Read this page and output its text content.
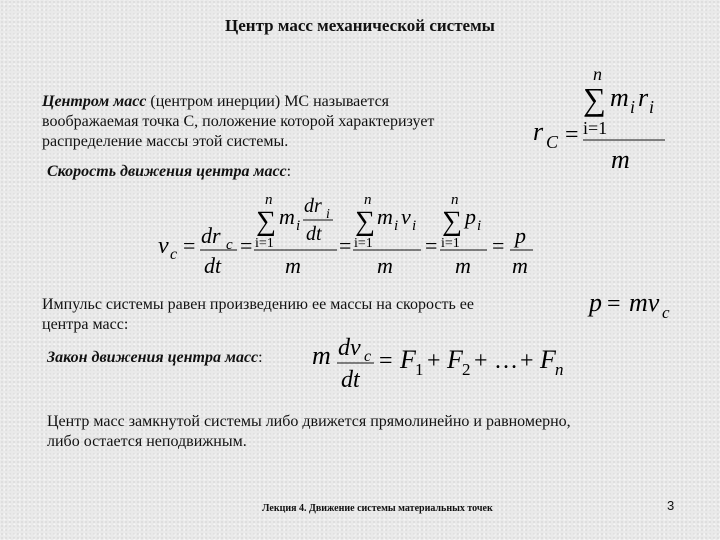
Центр масс механической системы
Центром масс (центром инерции) МС называется
воображаемая точка С, положение которой характеризует
распределение массы этой системы.	r C =
n
∑
i=1
m i r i
m
Скорость движения центра масс:
v c = dr c
dt
=
n
∑
i=1
m i
dr i
dt
m
=
n
∑
i=1
m i v i
m
=
n
∑
i=1
p i
m
= p
m
Импульс системы равен произведению ее массы на скорость ее
центра масс:
p = mv c
Закон движения центра масс: m dv c
dt
= F 1 + F 2 + … + F n
Центр масс замкнутой системы либо движется прямолинейно и равномерно,
либо остается неподвижным.
Лекция 4. Движение системы материальных точек	3
